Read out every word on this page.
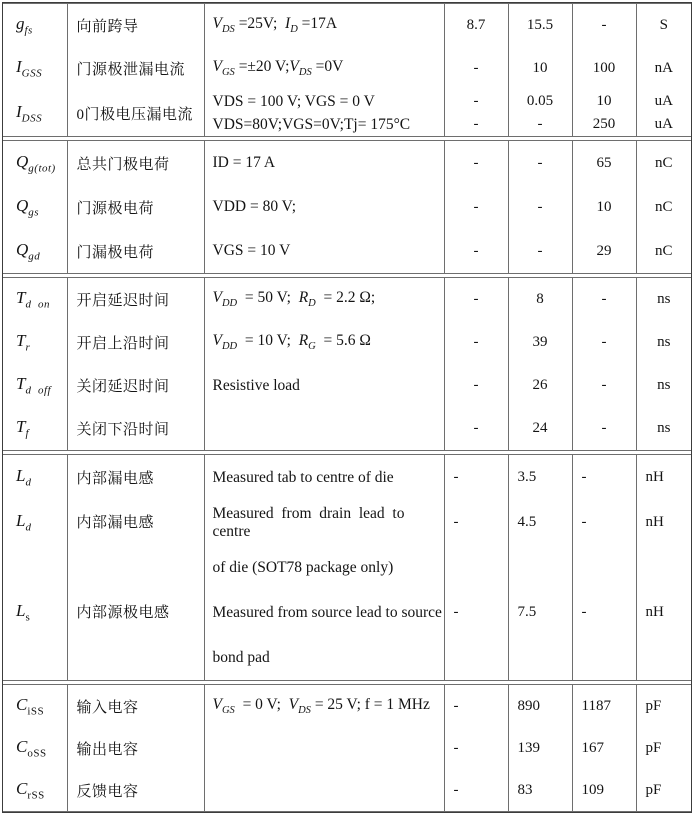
$g_{fs}$	向前跨导	$V_{DS} =25V$;  $I_D =17A$	8.7	15.5	-	S
$I_{GSS}$	门源极泄漏电流	$V_{GS} =\pm 20$ $V;V_{DS} =0V$	-	10	100	nA
$I_{DSS}$	0门极电压漏电流	VDS = 100 V; VGS = 0 V	-	0.05	10	uA
		VDS=80V;VGS=0V;Tj= 175°C	-	-	250	uA
$Q_{g(tot)}$	总共门极电荷	ID = 17 A	-	-	65	nC
$Q_{gs}$	门源极电荷	VDD = 80 V;	-	-	10	nC
$Q_{gd}$	门漏极电荷	VGS = 10 V	-	-	29	nC
$T_{d on}$	开启延迟时间	$V_{DD} = 50$ V;  $R_D = 2.2$ Ω;	-	8	-	ns
$T_r$	开启上沿时间	$V_{DD} = 10$ V;  $R_G = 5.6$ Ω	-	39	-	ns
$T_{d off}$	关闭延迟时间	Resistive load	-	26	-	ns
$T_f$	关闭下沿时间		-	24	-	ns
$L_d$	内部漏电感	Measured tab to centre of die	-	3.5	-	nH
$L_d$	内部漏电感	Measured  from  drain  lead  to  centre	-	4.5	-	nH
		of die (SOT78 package only)				
$L_s$	内部源极电感	Measured from source lead to source	-	7.5	-	nH
		bond pad				
$C_{iSS}$	输入电容	$V_{GS} = 0$ V;  $V_{DS} = 25$ V; f = 1 MHz	-	890	1187	pF
$C_{oSS}$	输出电容		-	139	167	pF
$C_{rSS}$	反馈电容		-	83	109	pF
